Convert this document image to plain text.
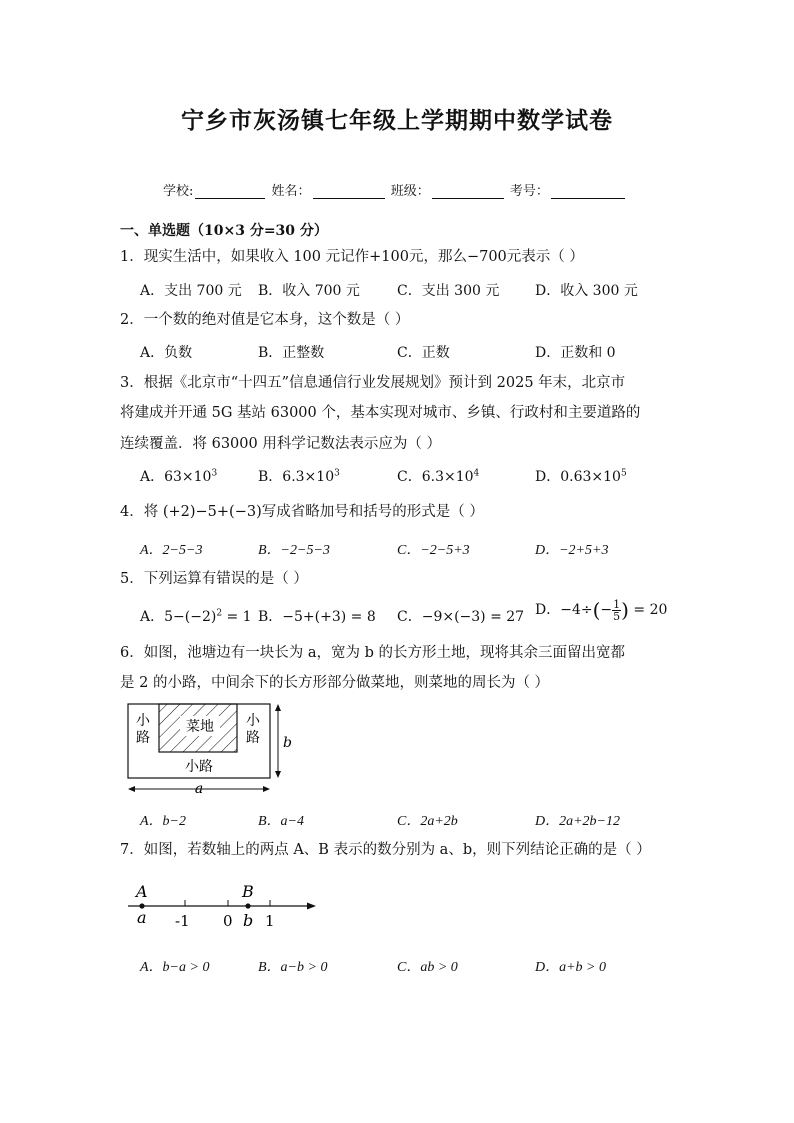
宁乡市灰汤镇七年级上学期期中数学试卷
学校:	姓名：	班级：	考号：
一、单选题（10×3 分=30 分）
1．现实生活中，如果收入 100 元记作+100元，那么−700元表示（ ）
A．支出 700 元 B．收入 700 元	C．支出 300 元	D．收入 300 元
2．一个数的绝对值是它本身，这个数是（ ）
A．负数	B．正整数	C．正数	D．正数和 0
3．根据《北京市“十四五”信息通信行业发展规划》预计到 2025 年末，北京市
将建成并开通 5G 基站 63000 个，基本实现对城市、乡镇、行政村和主要道路的
连续覆盖．将 63000 用科学记数法表示应为（ ）
A．$63\times 10^3$	B．$6.3\times 10^3$	C．$6.3\times 10^4$	D．$0.63\times 10^5$
4．将 (+2)−5+(−3)写成省略加号和括号的形式是（ ）
A．2−5−3	B．−2−5−3	C．−2−5+3	D．−2+5+3
5．下列运算有错误的是（ ）
A．$5-(-2)^2 = 1$ B．−5+(+3) = 8 C．−9×(−3) = 27 D．$-4\div(- \frac{1}{5}$ ) = 20
6．如图，池塘边有一块长为 a，宽为 b 的长方形土地，现将其余三面留出宽都
是 2 的小路，中间余下的长方形部分做菜地，则菜地的周长为（ ）
菜地
小
路
小
路
小路
b
a
A．b−2	B．a−4	C．2a+2b	D．2a+2b−12
7．如图，若数轴上的两点 A、B 表示的数分别为 a、b，则下列结论正确的是（ ）
A	B
a	b
-1 0 1
A．b−a > 0	B．a−b > 0	C．ab > 0	D．a+b > 0
